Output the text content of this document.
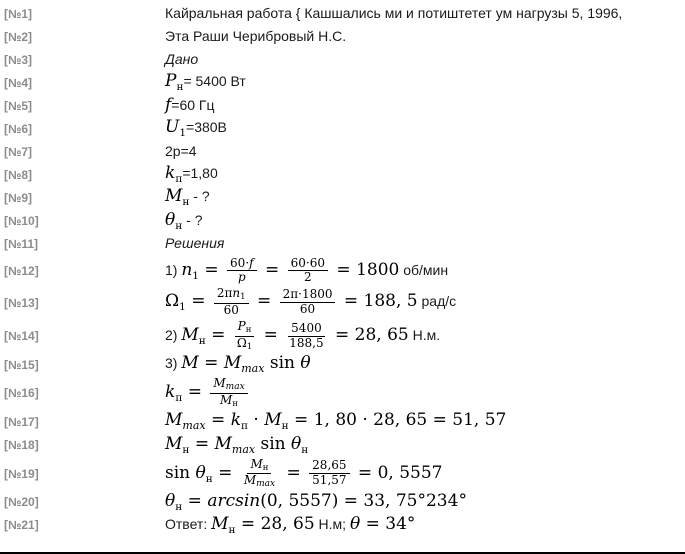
[№1]	Кайральная работа { Кашшались ми и потиштетет ум нагрузы 5, 1996,
[№2]	Эта Раши Черибровый Н.С.
[№3]	Дано
[№4]	$P_н= 5400$ Вт
[№5]	f=60 Гц
[№6]	$U_1=380В$
[№7]	2p=4
[№8]	$k_п=1,80$
[№9]	$M_н$ - ?
[№10]	$\theta_н$ - ?
[№11]	Решения
[№12]	1) $n_1 = \frac{60\cdot f}{p} = \frac{60\cdot 60}{2} = 1800$ об/мин
[№13]	$\Omega_1 = \frac{2\pi n1}{60} = \frac{2\pi\cdot 1800}{60} = 188$, 5 рад/с
[№14]	2) $M_н = \frac{Pн}{\Omega 1} = \frac{5400}{188,5} = 28$, 65 Н.м.
[№15]	3) $M = M_{max}$ sin θ
[№16]	$k_п = \frac{Mmax}{Mн}$
[№17]	$M_{max} = k_п \cdot M_н = 1$, 80 · 28, 65 = 51, 57
[№18]	$M_н = M_{max}$ $\sin \theta_н$
[№19]	$\sin \theta_н = \frac{Mн}{Mmax} = \frac{28,65}{51,57} = 0$, 5557
[№20]	$\theta_н = \arcsin(0$, 5557) = 33, 75°234°
[№21]	Ответ: $M_н = 28$, 65 Н.м; θ = 34°
